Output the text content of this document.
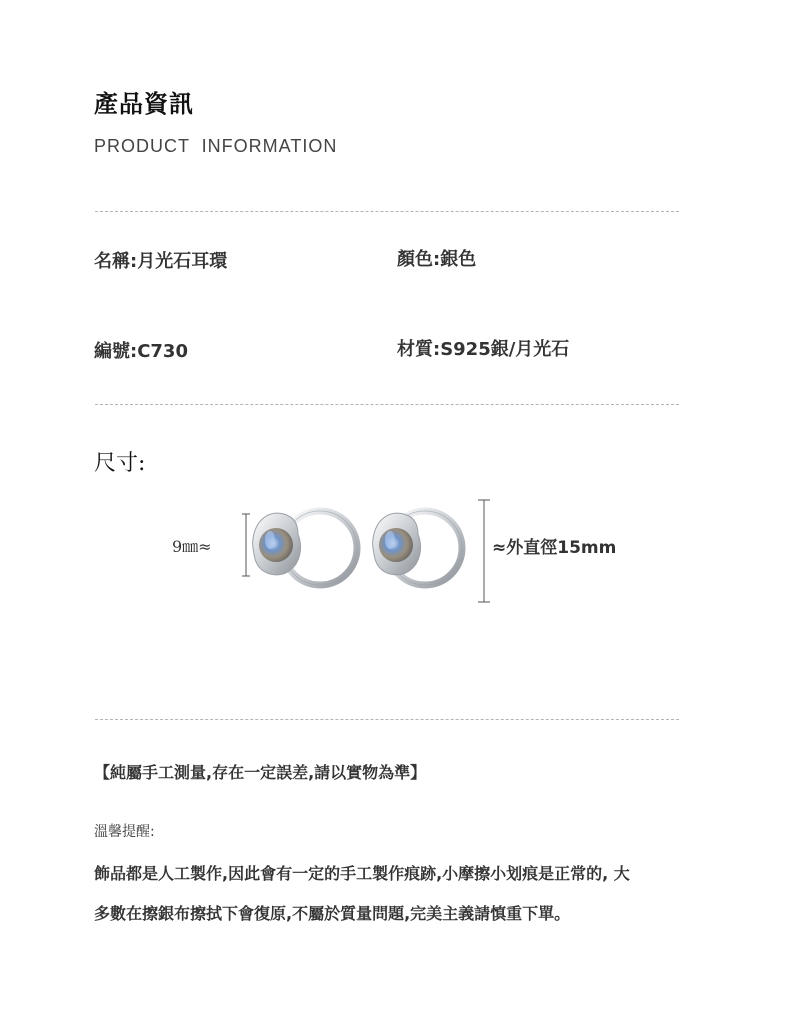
產品資訊
PRODUCT  INFORMATION
名稱:月光石耳環	顏色:銀色
編號:C730	材質:S925銀/月光石
尺寸:
9㎜≈	≈外直徑15mm
【純屬手工測量,存在一定誤差,請以實物為準】
溫馨提醒:
飾品都是人工製作,因此會有一定的手工製作痕跡,小摩擦小划痕是正常的, 大
多數在擦銀布擦拭下會復原,不屬於質量問題,完美主義請慎重下單。
